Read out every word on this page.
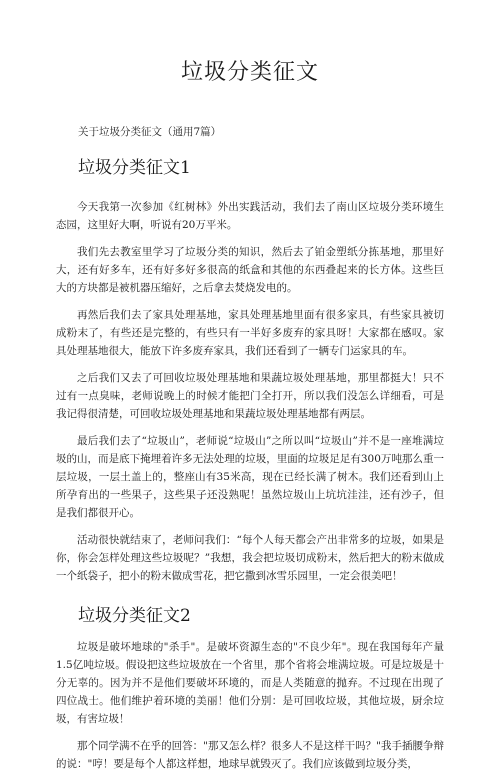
垃圾分类征文

关于垃圾分类征文（通用7篇）

垃圾分类征文1

今天我第一次参加《红树林》外出实践活动，我们去了南山区垃圾分类环境生态园，这里好大啊，听说有20万平米。

我们先去教室里学习了垃圾分类的知识，然后去了铂金塑纸分拣基地，那里好大，还有好多车，还有好多好多很高的纸盒和其他的东西叠起来的长方体。这些巨大的方块都是被机器压缩好，之后拿去焚烧发电的。

再然后我们去了家具处理基地，家具处理基地里面有很多家具，有些家具被切成粉末了，有些还是完整的，有些只有一半好多废弃的家具呀！大家都在感叹。家具处理基地很大，能放下许多废弃家具，我们还看到了一辆专门运家具的车。

之后我们又去了可回收垃圾处理基地和果蔬垃圾处理基地，那里都挺大！只不过有一点臭味，老师说晚上的时候才能把门全打开，所以我们没怎么详细看，可是我记得很清楚，可回收垃圾处理基地和果蔬垃圾处理基地都有两层。

最后我们去了“垃圾山”，老师说“垃圾山”之所以叫“垃圾山”并不是一座堆满垃圾的山，而是底下掩埋着许多无法处理的垃圾，里面的垃圾足足有300万吨那么重一层垃圾，一层土盖上的，整座山有35米高，现在已经长满了树木。我们还看到山上所孕育出的一些果子，这些果子还没熟呢！虽然垃圾山上坑坑洼洼，还有沙子，但是我们都很开心。

活动很快就结束了，老师问我们：“每个人每天都会产出非常多的垃圾，如果是你，你会怎样处理这些垃圾呢？”我想，我会把垃圾切成粉末，然后把大的粉末做成一个纸袋子，把小的粉末做成雪花，把它撒到冰雪乐园里，一定会很美吧！

垃圾分类征文2

垃圾是破坏地球的"杀手"。是破坏资源生态的"不良少年"。现在我国每年产量1.5亿吨垃圾。假设把这些垃圾放在一个省里，那个省将会堆满垃圾。可是垃圾是十分无辜的。因为并不是他们要破坏环境的，而是人类随意的抛弃。不过现在出现了四位战士。他们维护着环境的美丽！他们分别：是可回收垃圾，其他垃圾，厨余垃圾，有害垃圾！

那个同学满不在乎的回答："那又怎么样？很多人不是这样干吗？"我手插腰争辩的说："哼！要是每个人都这样想，地球早就毁灭了。我们应该做到垃圾分类，
